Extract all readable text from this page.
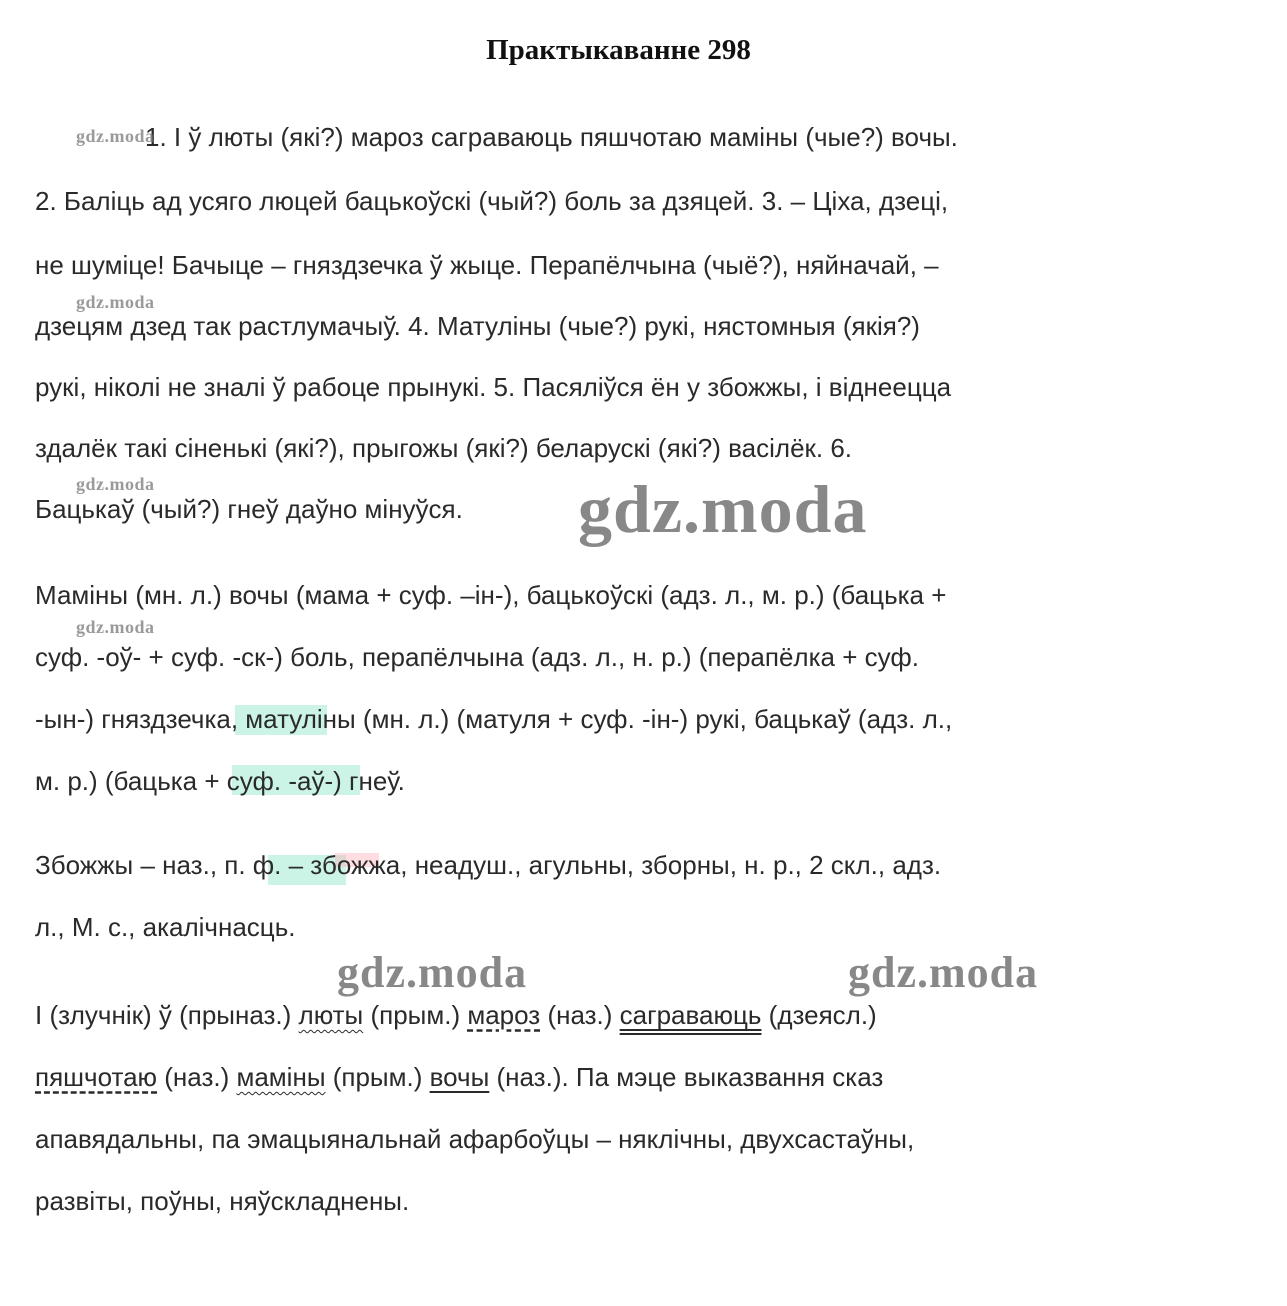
Практыкаванне 298
1. І ў люты (які?) мароз саграваюць пяшчотаю маміны (чые?) вочы.
2. Баліць ад усяго люцей бацькоўскі (чый?) боль за дзяцей. 3. – Ціха, дзеці,
не шуміце! Бачыце – гняздзечка ў жыце. Перапёлчына (чыё?), няйначай, –
дзецям дзед так растлумачыў. 4. Матуліны (чые?) рукі, нястомныя (якія?)
рукі, ніколі не зналі ў рабоце прынукі. 5. Пасяліўся ён у збожжы, і віднеецца
здалёк такі сіненькі (які?), прыгожы (які?) беларускі (які?) васілёк. 6.
Бацькаў (чый?) гнеў даўно мінуўся.
Маміны (мн. л.) вочы (мама + суф. –ін-), бацькоўскі (адз. л., м. р.) (бацька +
суф. -оў- + суф. -ск-) боль, перапёлчына (адз. л., н. р.) (перапёлка + суф.
-ын-) гняздзечка, матуліны (мн. л.) (матуля + суф. -ін-) рукі, бацькаў (адз. л.,
м. р.) (бацька + суф. -аў-) гнеў.
Збожжы – наз., п. ф. – збожжа, неадуш., агульны, зборны, н. р., 2 скл., адз.
л., М. с., акалічнасць.
І (злучнік) ў (прыназ.) люты (прым.) мароз (наз.) саграваюць (дзеясл.)
пяшчотаю (наз.) маміны (прым.) вочы (наз.). Па мэце выказвання сказ
апавядальны, па эмацыянальнай афарбоўцы – няклічны, двухсастаўны,
развіты, поўны, няўскладнены.
gdz.moda
gdz.moda
gdz.moda
gdz.moda
gdz.moda
gdz.moda	gdz.moda
